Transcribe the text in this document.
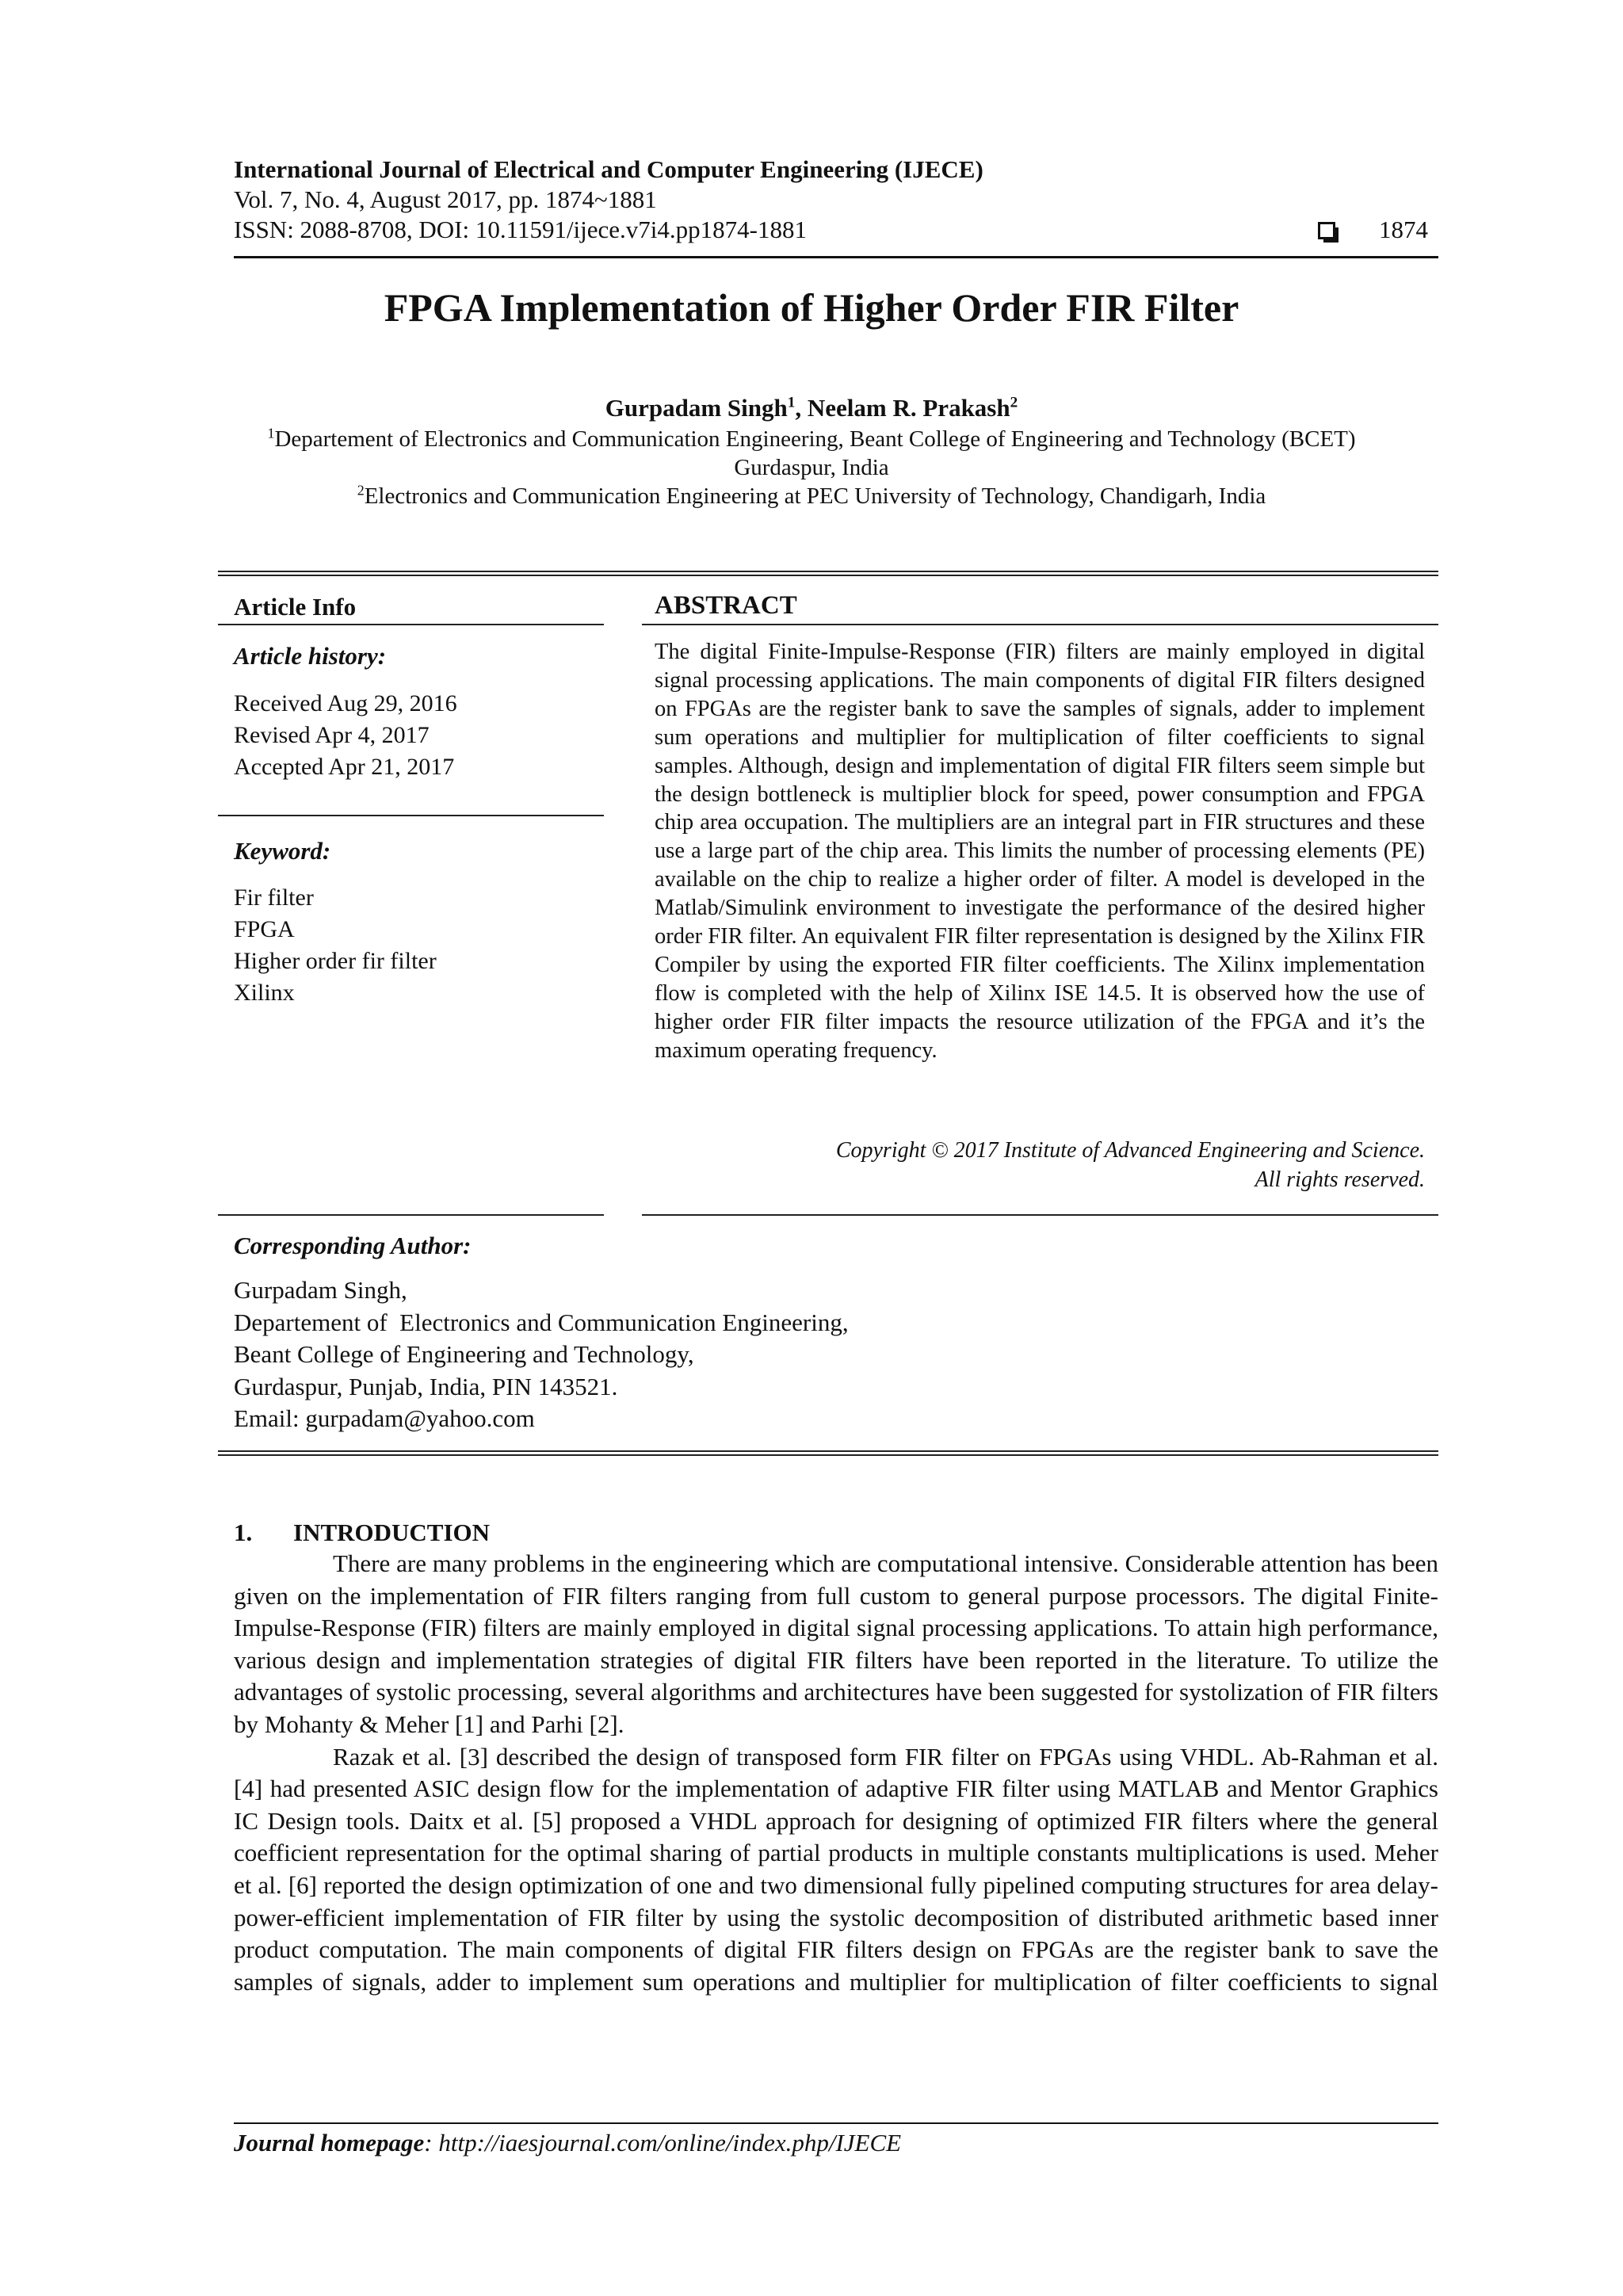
International Journal of Electrical and Computer Engineering (IJECE)
Vol. 7, No. 4, August 2017, pp. 1874~1881
ISSN: 2088-8708, DOI: 10.11591/ijece.v7i4.pp1874-1881	1874
FPGA Implementation of Higher Order FIR Filter
Gurpadam Singh$^1$, Neelam R. Prakash$^2$
$^1$Departement of Electronics and Communication Engineering, Beant College of Engineering and Technology (BCET)
Gurdaspur, India
$^2$Electronics and Communication Engineering at PEC University of Technology, Chandigarh, India
Article Info
Article history:
Received Aug 29, 2016
Revised Apr 4, 2017
Accepted Apr 21, 2017
Keyword:
Fir filter
FPGA
Higher order fir filter
Xilinx
ABSTRACT
The digital Finite-Impulse-Response (FIR) filters are mainly employed in digital signal processing applications. The main components of digital FIR filters designed on FPGAs are the register bank to save the samples of signals, adder to implement sum operations and multiplier for multiplication of filter coefficients to signal samples. Although, design and implementation of digital FIR filters seem simple but the design bottleneck is multiplier block for speed, power consumption and FPGA chip area occupation. The multipliers are an integral part in FIR structures and these use a large part of the chip area. This limits the number of processing elements (PE) available on the chip to realize a higher order of filter. A model is developed in the Matlab/Simulink environment to investigate the performance of the desired higher order FIR filter. An equivalent FIR filter representation is designed by the Xilinx FIR Compiler by using the exported FIR filter coefficients. The Xilinx implementation flow is completed with the help of Xilinx ISE 14.5. It is observed how the use of higher order FIR filter impacts the resource utilization of the FPGA and it’s the maximum operating frequency.
Copyright © 2017 Institute of Advanced Engineering and Science.
All rights reserved.
Corresponding Author:
Gurpadam Singh,
Departement of  Electronics and Communication Engineering,
Beant College of Engineering and Technology,
Gurdaspur, Punjab, India, PIN 143521.
Email: gurpadam@yahoo.com
1. INTRODUCTION

There are many problems in the engineering which are computational intensive. Considerable attention has been given on the implementation of FIR filters ranging from full custom to general purpose processors. The digital Finite-Impulse-Response (FIR) filters are mainly employed in digital signal processing applications. To attain high performance, various design and implementation strategies of digital FIR filters have been reported in the literature. To utilize the advantages of systolic processing, several algorithms and architectures have been suggested for systolization of FIR filters by Mohanty & Meher [1] and Parhi [2].

Razak et al. [3] described the design of transposed form FIR filter on FPGAs using VHDL. Ab-Rahman et al. [4] had presented ASIC design flow for the implementation of adaptive FIR filter using MATLAB and Mentor Graphics IC Design tools. Daitx et al. [5] proposed a VHDL approach for designing of optimized FIR filters where the general coefficient representation for the optimal sharing of partial products in multiple constants multiplications is used. Meher et al. [6] reported the design optimization of one and two dimensional fully pipelined computing structures for area delay-power-efficient implementation of FIR filter by using the systolic decomposition of distributed arithmetic based inner product computation. The main components of digital FIR filters design on FPGAs are the register bank to save the samples of signals, adder to implement sum operations and multiplier for multiplication of filter coefficients to signal

Journal homepage: http://iaesjournal.com/online/index.php/IJECE
